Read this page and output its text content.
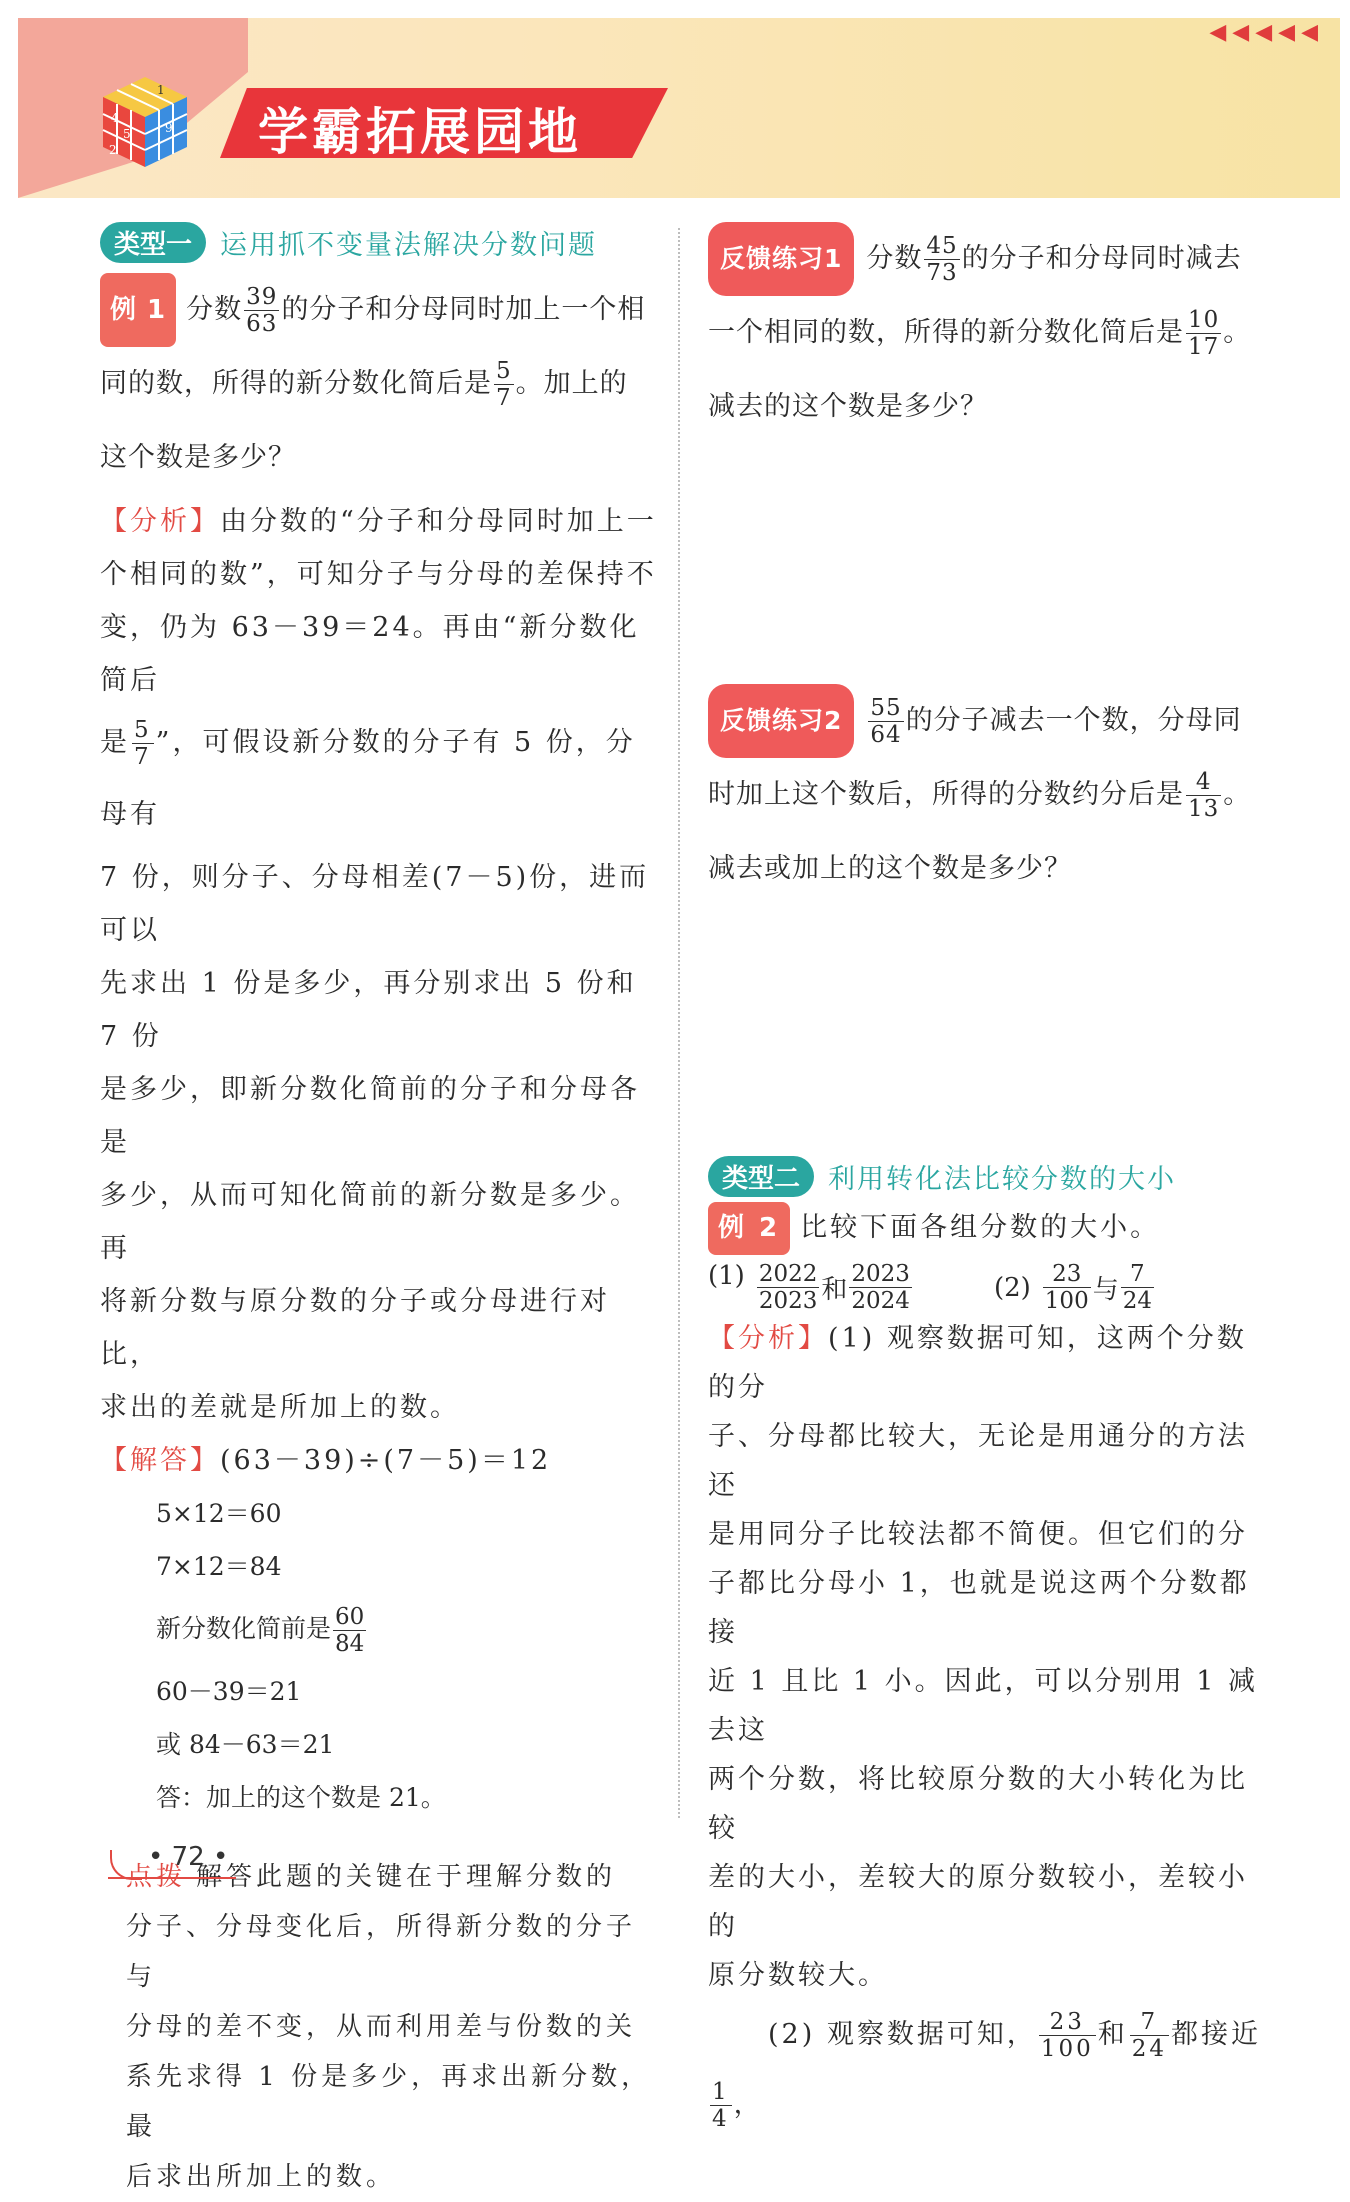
4
1
5	9
2	学霸拓展园地
◀◀◀◀◀
类型一	运用抓不变量法解决分数问题
例 1 分数 $\frac{39}{63}$ 的分子和分母同时加上一个相
同的数，所得的新分数化简后是 $\frac{5}{7}$ 。加上的
这个数是多少？
【分析】由分数的“分子和分母同时加上一
个相同的数”，可知分子与分母的差保持不
变，仍为 63－39＝24。再由“新分数化简后
是 $\frac{5}{7}$ ”，可假设新分数的分子有 5 份，分母有
7 份，则分子、分母相差(7－5)份，进而可以
先求出 1 份是多少，再分别求出 5 份和 7 份
是多少，即新分数化简前的分子和分母各是
多少，从而可知化简前的新分数是多少。再
将新分数与原分数的分子或分母进行对比，
求出的差就是所加上的数。
【解答】(63－39)÷(7－5)＝12
5×12＝60
7×12＝84
新分数化简前是 $\frac{60}{84}$
60－39＝21
或 84－63＝21
答：加上的这个数是 21。
点拨 解答此题的关键在于理解分数的
分子、分母变化后，所得新分数的分子与
分母的差不变，从而利用差与份数的关
系先求得 1 份是多少，再求出新分数，最
后求出所加上的数。
反馈练习1 分数 $\frac{45}{73}$ 的分子和分母同时减去
一个相同的数，所得的新分数化简后是 $\frac{10}{17}$ 。
减去的这个数是多少？
反馈练习$2 \frac{55}{64}$ 的分子减去一个数，分母同
时加上这个数后，所得的分数约分后是 $\frac{4}{13}$ 。
减去或加上的这个数是多少？
类型二	利用转化法比较分数的大小
例 2 比较下面各组分数的大小。
$(1) \frac{2022}{2023}$ 和 $\frac{2023}{2024}$	$(2) \frac{23}{100}$ 与 $\frac{7}{24}$
【分析】(1) 观察数据可知，这两个分数的分
子、分母都比较大，无论是用通分的方法还
是用同分子比较法都不简便。但它们的分
子都比分母小 1，也就是说这两个分数都接
近 1 且比 1 小。因此，可以分别用 1 减去这
两个分数，将比较原分数的大小转化为比较
差的大小，差较大的原分数较小，差较小的
原分数较大。
(2) 观察数据可知， $\frac{23}{100}$ 和 $\frac{7}{24}$ 都接近
$\frac{1}{4}$ ，
• 72 •
